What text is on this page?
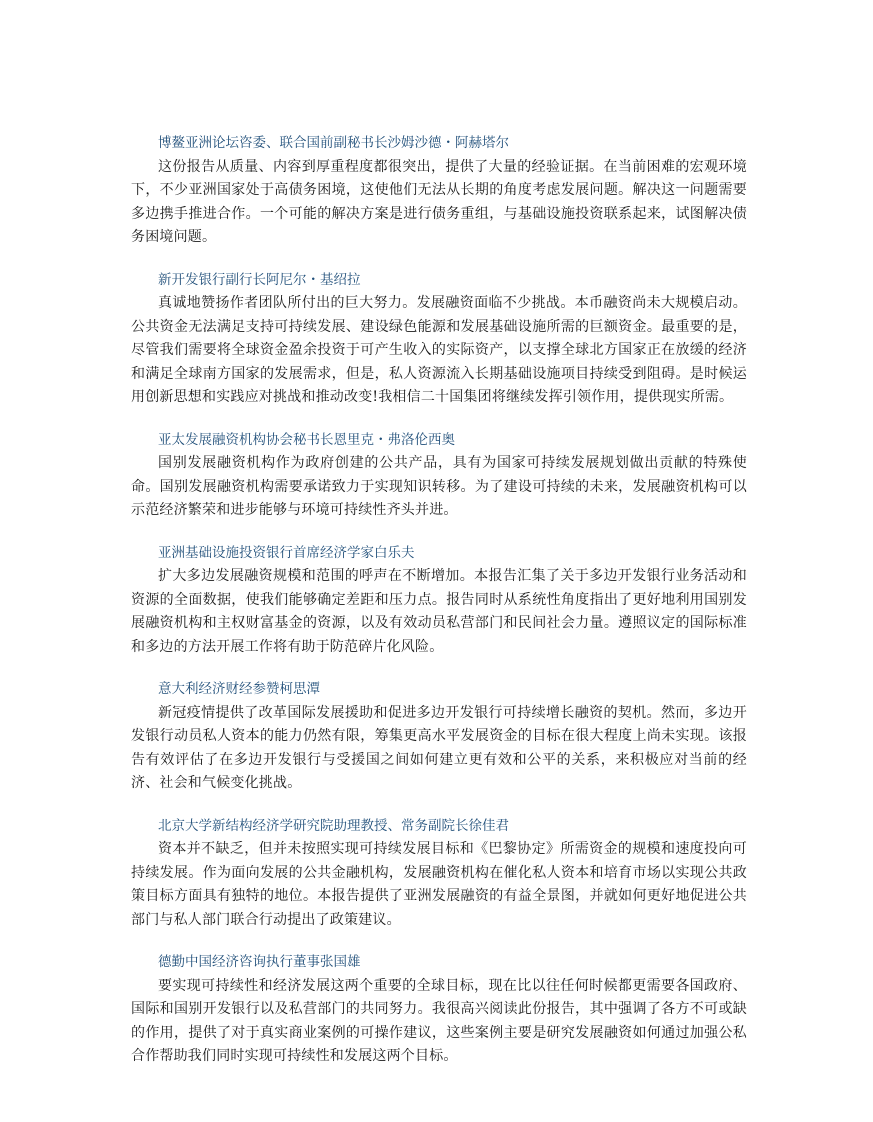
博鳌亚洲论坛咨委、联合国前副秘书长沙姆沙德・阿赫塔尔

这份报告从质量、内容到厚重程度都很突出，提供了大量的经验证据。在当前困难的宏观环境下，不少亚洲国家处于高债务困境，这使他们无法从长期的角度考虑发展问题。解决这一问题需要多边携手推进合作。一个可能的解决方案是进行债务重组，与基础设施投资联系起来，试图解决债务困境问题。

新开发银行副行长阿尼尔・基绍拉

真诚地赞扬作者团队所付出的巨大努力。发展融资面临不少挑战。本币融资尚未大规模启动。公共资金无法满足支持可持续发展、建设绿色能源和发展基础设施所需的巨额资金。最重要的是，尽管我们需要将全球资金盈余投资于可产生收入的实际资产，以支撑全球北方国家正在放缓的经济和满足全球南方国家的发展需求，但是，私人资源流入长期基础设施项目持续受到阻碍。是时候运用创新思想和实践应对挑战和推动改变!我相信二十国集团将继续发挥引领作用，提供现实所需。

亚太发展融资机构协会秘书长恩里克・弗洛伦西奥

国别发展融资机构作为政府创建的公共产品，具有为国家可持续发展规划做出贡献的特殊使命。国别发展融资机构需要承诺致力于实现知识转移。为了建设可持续的未来，发展融资机构可以示范经济繁荣和进步能够与环境可持续性齐头并进。

亚洲基础设施投资银行首席经济学家白乐夫

扩大多边发展融资规模和范围的呼声在不断增加。本报告汇集了关于多边开发银行业务活动和资源的全面数据，使我们能够确定差距和压力点。报告同时从系统性角度指出了更好地利用国别发展融资机构和主权财富基金的资源，以及有效动员私营部门和民间社会力量。遵照议定的国际标准和多边的方法开展工作将有助于防范碎片化风险。

意大利经济财经参赞柯思潭

新冠疫情提供了改革国际发展援助和促进多边开发银行可持续增长融资的契机。然而，多边开发银行动员私人资本的能力仍然有限，筹集更高水平发展资金的目标在很大程度上尚未实现。该报告有效评估了在多边开发银行与受援国之间如何建立更有效和公平的关系，来积极应对当前的经济、社会和气候变化挑战。

北京大学新结构经济学研究院助理教授、常务副院长徐佳君

资本并不缺乏，但并未按照实现可持续发展目标和《巴黎协定》所需资金的规模和速度投向可持续发展。作为面向发展的公共金融机构，发展融资机构在催化私人资本和培育市场以实现公共政策目标方面具有独特的地位。本报告提供了亚洲发展融资的有益全景图，并就如何更好地促进公共部门与私人部门联合行动提出了政策建议。

德勤中国经济咨询执行董事张国雄

要实现可持续性和经济发展这两个重要的全球目标，现在比以往任何时候都更需要各国政府、国际和国别开发银行以及私营部门的共同努力。我很高兴阅读此份报告，其中强调了各方不可或缺的作用，提供了对于真实商业案例的可操作建议，这些案例主要是研究发展融资如何通过加强公私合作帮助我们同时实现可持续性和发展这两个目标。
